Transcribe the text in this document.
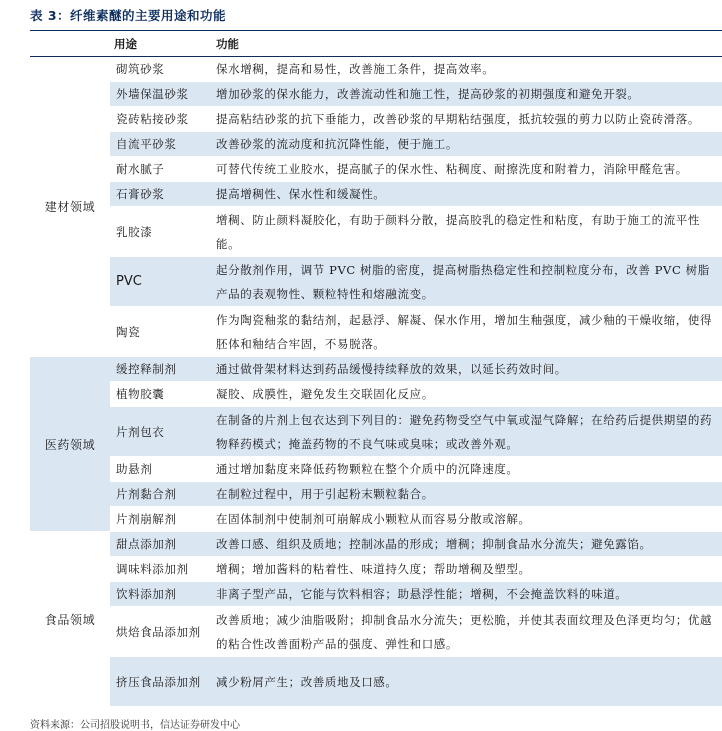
表 3：纤维素醚的主要用途和功能
	用途	功能
建材领域	砌筑砂浆	保水增稠，提高和易性，改善施工条件，提高效率。
	外墙保温砂浆	增加砂浆的保水能力，改善流动性和施工性，提高砂浆的初期强度和避免开裂。
	瓷砖粘接砂浆	提高粘结砂浆的抗下垂能力，改善砂浆的早期粘结强度，抵抗较强的剪力以防止瓷砖滑落。
	自流平砂浆	改善砂浆的流动度和抗沉降性能，便于施工。
	耐水腻子	可替代传统工业胶水，提高腻子的保水性、粘稠度、耐擦洗度和附着力，消除甲醛危害。
	石膏砂浆	提高增稠性、保水性和缓凝性。
	乳胶漆	增稠、防止颜料凝胶化，有助于颜料分散，提高胶乳的稳定性和粘度，有助于施工的流平性能。
	PVC	起分散剂作用，调节 PVC 树脂的密度，提高树脂热稳定性和控制粒度分布，改善 PVC 树脂产品的表观物性、颗粒特性和熔融流变。
	陶瓷	作为陶瓷釉浆的黏结剂，起悬浮、解凝、保水作用，增加生釉强度，减少釉的干燥收缩，使得胚体和釉结合牢固，不易脱落。
医药领域	缓控释制剂	通过做骨架材料达到药品缓慢持续释放的效果，以延长药效时间。
	植物胶囊	凝胶、成膜性，避免发生交联固化反应。
	片剂包衣	在制备的片剂上包衣达到下列目的：避免药物受空气中氧或湿气降解；在给药后提供期望的药物释药模式；掩盖药物的不良气味或臭味；或改善外观。
	助悬剂	通过增加黏度来降低药物颗粒在整个介质中的沉降速度。
	片剂黏合剂	在制粒过程中，用于引起粉末颗粒黏合。
	片剂崩解剂	在固体制剂中使制剂可崩解成小颗粒从而容易分散或溶解。
食品领域	甜点添加剂	改善口感、组织及质地；控制冰晶的形成；增稠；抑制食品水分流失；避免露馅。
	调味料添加剂	增稠；增加酱料的粘着性、味道持久度；帮助增稠及塑型。
	饮料添加剂	非离子型产品，它能与饮料相容；助悬浮性能；增稠，不会掩盖饮料的味道。
	烘焙食品添加剂	改善质地；减少油脂吸附；抑制食品水分流失；更松脆，并使其表面纹理及色泽更均匀；优越的粘合性改善面粉产品的强度、弹性和口感。
	挤压食品添加剂	减少粉屑产生；改善质地及口感。
资料来源：公司招股说明书，信达证券研发中心
